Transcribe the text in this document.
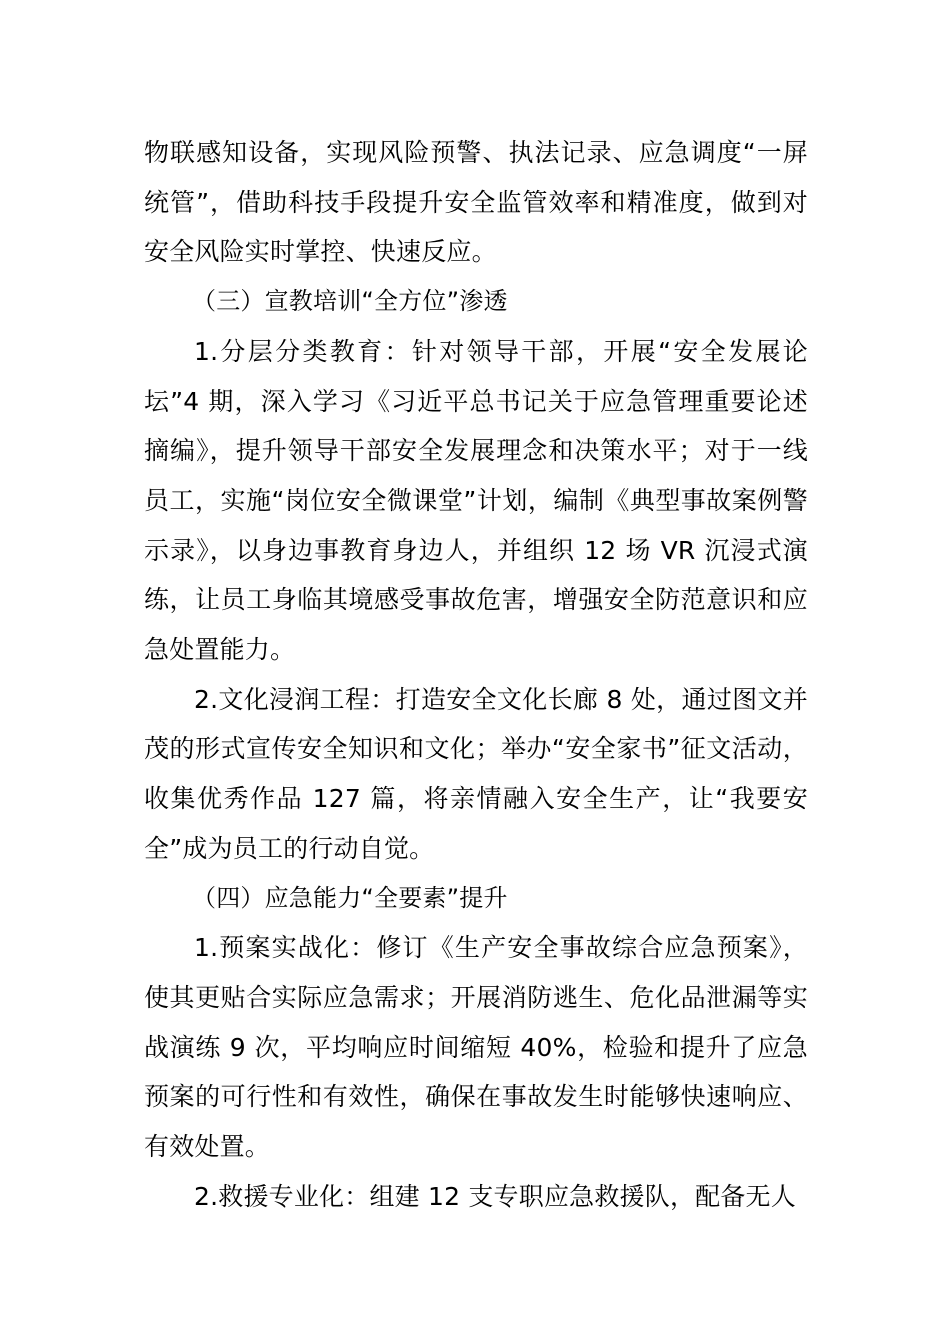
物联感知设备，实现风险预警、执法记录、应急调度“一屏统管”，借助科技手段提升安全监管效率和精准度，做到对安全风险实时掌控、快速反应。

（三）宣教培训“全方位”渗透

1.分层分类教育：针对领导干部，开展“安全发展论坛”4 期，深入学习《习近平总书记关于应急管理重要论述摘编》，提升领导干部安全发展理念和决策水平；对于一线员工，实施“岗位安全微课堂”计划，编制《典型事故案例警示录》，以身边事教育身边人，并组织 12 场 VR 沉浸式演练，让员工身临其境感受事故危害，增强安全防范意识和应急处置能力。

2.文化浸润工程：打造安全文化长廊 8 处，通过图文并茂的形式宣传安全知识和文化；举办“安全家书”征文活动，收集优秀作品 127 篇，将亲情融入安全生产，让“我要安全”成为员工的行动自觉。

（四）应急能力“全要素”提升

1.预案实战化：修订《生产安全事故综合应急预案》，使其更贴合实际应急需求；开展消防逃生、危化品泄漏等实战演练 9 次，平均响应时间缩短 40%，检验和提升了应急预案的可行性和有效性，确保在事故发生时能够快速响应、有效处置。

2.救援专业化：组建 12 支专职应急救援队，配备无人
